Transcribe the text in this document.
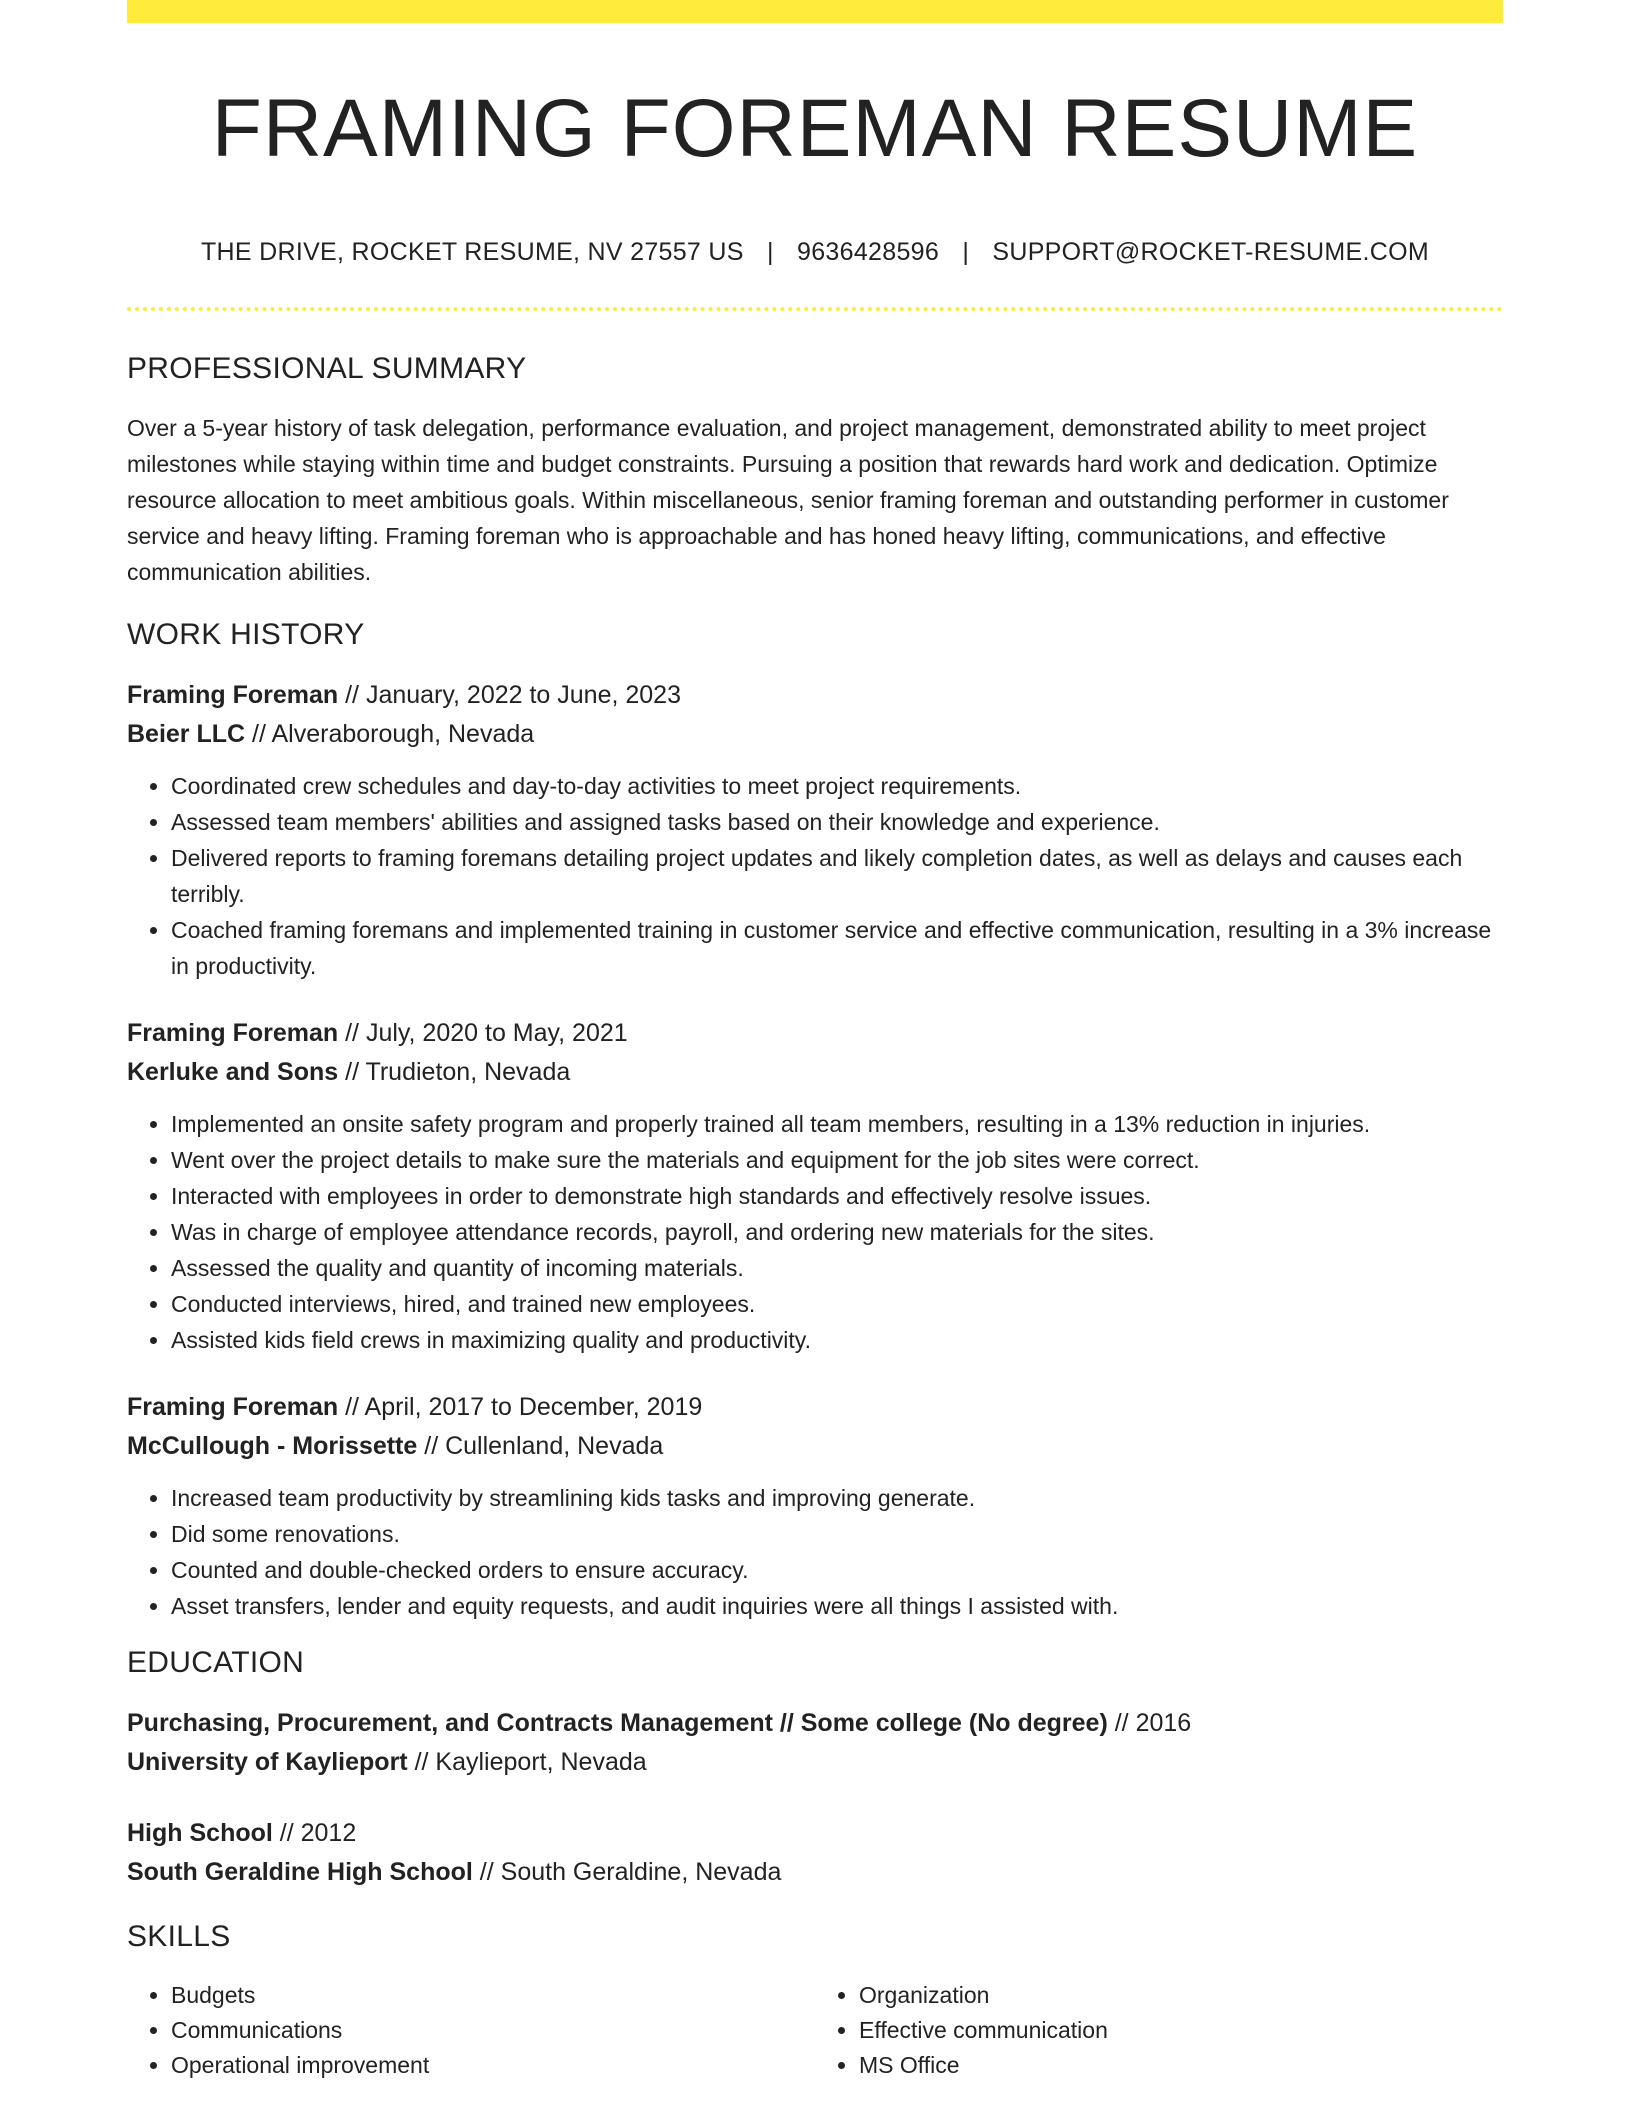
FRAMING FOREMAN RESUME
THE DRIVE, ROCKET RESUME, NV 27557 US | 9636428596 | SUPPORT@ROCKET-RESUME.COM
PROFESSIONAL SUMMARY

Over a 5-year history of task delegation, performance evaluation, and project management, demonstrated ability to meet project milestones while staying within time and budget constraints. Pursuing a position that rewards hard work and dedication. Optimize resource allocation to meet ambitious goals. Within miscellaneous, senior framing foreman and outstanding performer in customer service and heavy lifting. Framing foreman who is approachable and has honed heavy lifting, communications, and effective communication abilities.

WORK HISTORY
Framing Foreman // January, 2022 to June, 2023
Beier LLC // Alveraborough, Nevada
• Coordinated crew schedules and day-to-day activities to meet project requirements.
• Assessed team members' abilities and assigned tasks based on their knowledge and experience.
• Delivered reports to framing foremans detailing project updates and likely completion dates, as well as delays and causes each terribly.
• Coached framing foremans and implemented training in customer service and effective communication, resulting in a 3% increase in productivity.
Framing Foreman // July, 2020 to May, 2021
Kerluke and Sons // Trudieton, Nevada
• Implemented an onsite safety program and properly trained all team members, resulting in a 13% reduction in injuries.
• Went over the project details to make sure the materials and equipment for the job sites were correct.
• Interacted with employees in order to demonstrate high standards and effectively resolve issues.
• Was in charge of employee attendance records, payroll, and ordering new materials for the sites.
• Assessed the quality and quantity of incoming materials.
• Conducted interviews, hired, and trained new employees.
• Assisted kids field crews in maximizing quality and productivity.
Framing Foreman // April, 2017 to December, 2019
McCullough - Morissette // Cullenland, Nevada
• Increased team productivity by streamlining kids tasks and improving generate.
• Did some renovations.
• Counted and double-checked orders to ensure accuracy.
• Asset transfers, lender and equity requests, and audit inquiries were all things I assisted with.
EDUCATION
Purchasing, Procurement, and Contracts Management // Some college (No degree) // 2016
University of Kaylieport // Kaylieport, Nevada
High School // 2012
South Geraldine High School // South Geraldine, Nevada
SKILLS
• Budgets
• Communications
• Operational improvement
• Organization
• Effective communication
• MS Office
